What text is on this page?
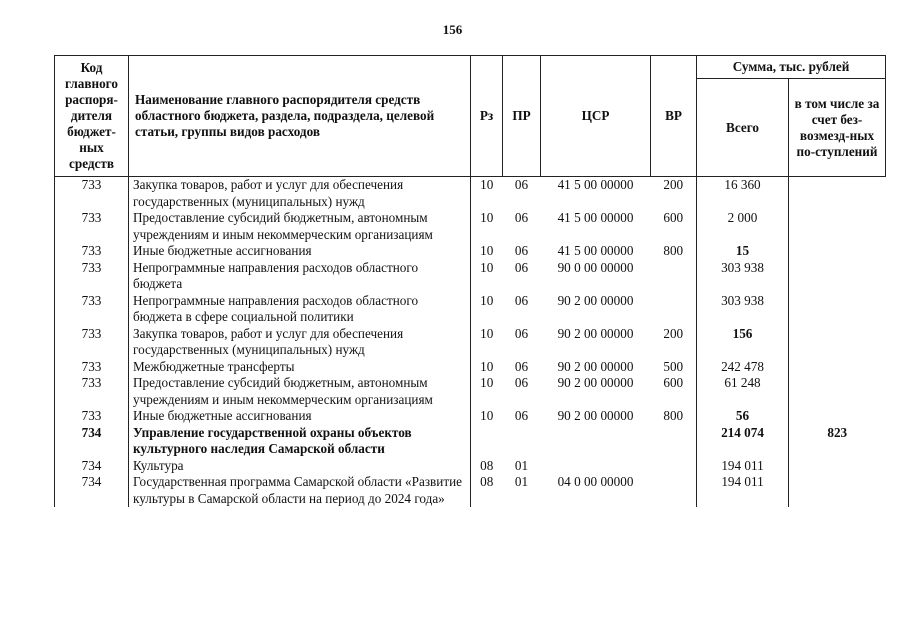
156
Код главного распоря-дителя бюджет-ных средств	Наименование главного распорядителя средств областного бюджета, раздела, подраздела, целевой статьи, группы видов расходов	Рз	ПР	ЦСР	ВР	Сумма, тыс. рублей	
						Всего	в том числе за счет без-возмезд-ных по-ступлений
733	Закупка товаров, работ и услуг для обеспечения государственных (муниципальных) нужд	10	06	41 5 00 00000	200	16 360	
733	Предоставление субсидий бюджетным, автономным учреждениям и иным некоммерческим организациям	10	06	41 5 00 00000	600	2 000	
733	Иные бюджетные ассигнования	10	06	41 5 00 00000	800	15	
733	Непрограммные направления расходов областного бюджета	10	06	90 0 00 00000		303 938	
733	Непрограммные направления расходов областного бюджета в сфере социальной политики	10	06	90 2 00 00000		303 938	
733	Закупка товаров, работ и услуг для обеспечения государственных (муниципальных) нужд	10	06	90 2 00 00000	200	156	
733	Межбюджетные трансферты	10	06	90 2 00 00000	500	242 478	
733	Предоставление субсидий бюджетным, автономным учреждениям и иным некоммерческим организациям	10	06	90 2 00 00000	600	61 248	
733	Иные бюджетные ассигнования	10	06	90 2 00 00000	800	56	
734	Управление государственной охраны объектов культурного наследия Самарской области					214 074	823
734	Культура	08	01			194 011	
734	Государственная программа Самарской области «Развитие культуры в Самарской области на период до 2024 года»	08	01	04 0 00 00000		194 011	
